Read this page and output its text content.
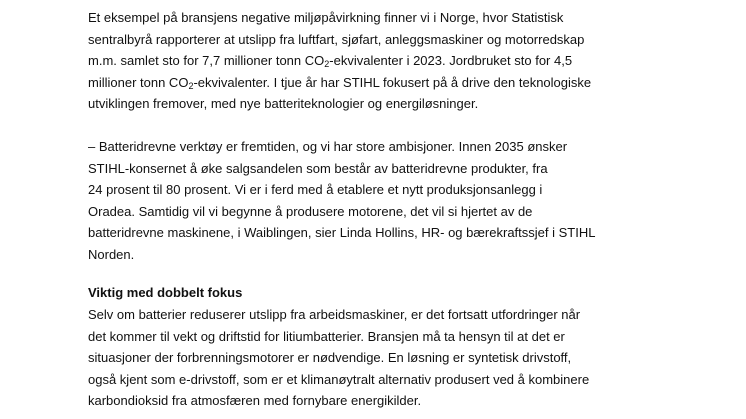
Et eksempel på bransjens negative miljøpåvirkning finner vi i Norge, hvor Statistisk
sentralbyrå rapporterer at utslipp fra luftfart, sjøfart, anleggsmaskiner og motorredskap
m.m. samlet sto for 7,7 millioner tonn $CO_2$-ekvivalenter i 2023. Jordbruket sto for 4,5
millioner tonn $CO_2$-ekvivalenter. I tjue år har STIHL fokusert på å drive den teknologiske
utviklingen fremover, med nye batteriteknologier og energiløsninger.

– Batteridrevne verktøy er fremtiden, og vi har store ambisjoner. Innen 2035 ønsker
STIHL-konsernet å øke salgsandelen som består av batteridrevne produkter, fra
24 prosent til 80 prosent. Vi er i ferd med å etablere et nytt produksjonsanlegg i
Oradea. Samtidig vil vi begynne å produsere motorene, det vil si hjertet av de
batteridrevne maskinene, i Waiblingen, sier Linda Hollins, HR- og bærekraftssjef i STIHL
Norden.

Viktig med dobbelt fokus

Selv om batterier reduserer utslipp fra arbeidsmaskiner, er det fortsatt utfordringer når
det kommer til vekt og driftstid for litiumbatterier. Bransjen må ta hensyn til at det er
situasjoner der forbrenningsmotorer er nødvendige. En løsning er syntetisk drivstoff,
også kjent som e-drivstoff, som er et klimanøytralt alternativ produsert ved å kombinere
karbondioksid fra atmosfæren med fornybare energikilder.
